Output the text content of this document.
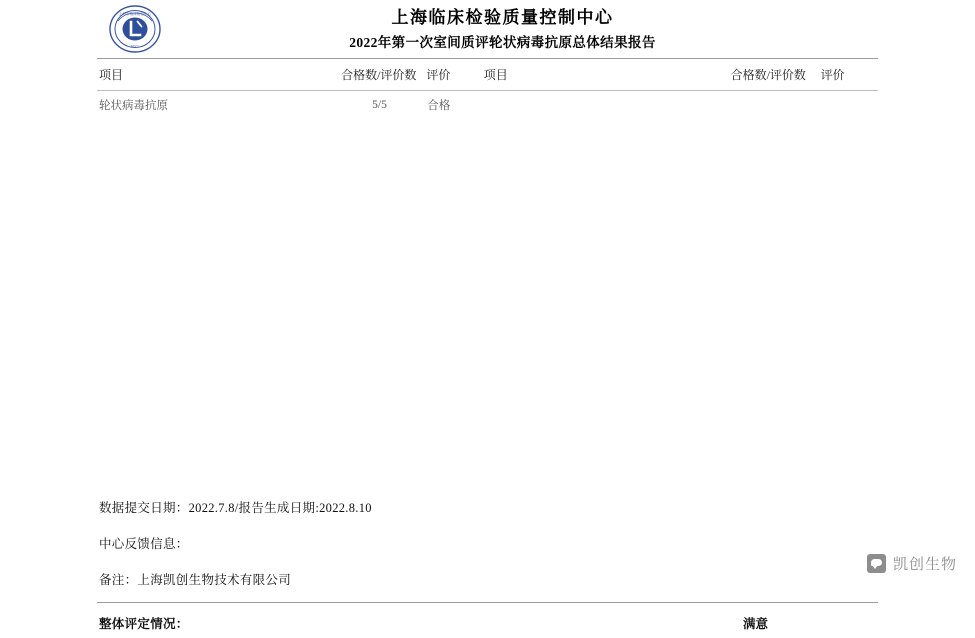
上海市临床检验中心
SCCL
上海临床检验质量控制中心
2022年第一次室间质评轮状病毒抗原总体结果报告
项目	合格数/评价数	评价	项目	合格数/评价数	评价
轮状病毒抗原	5/5	合格			
数据提交日期：2022.7.8/报告生成日期:2022.8.10
中心反馈信息：
备注：上海凯创生物技术有限公司
整体评定情况：	满意
凯创生物
